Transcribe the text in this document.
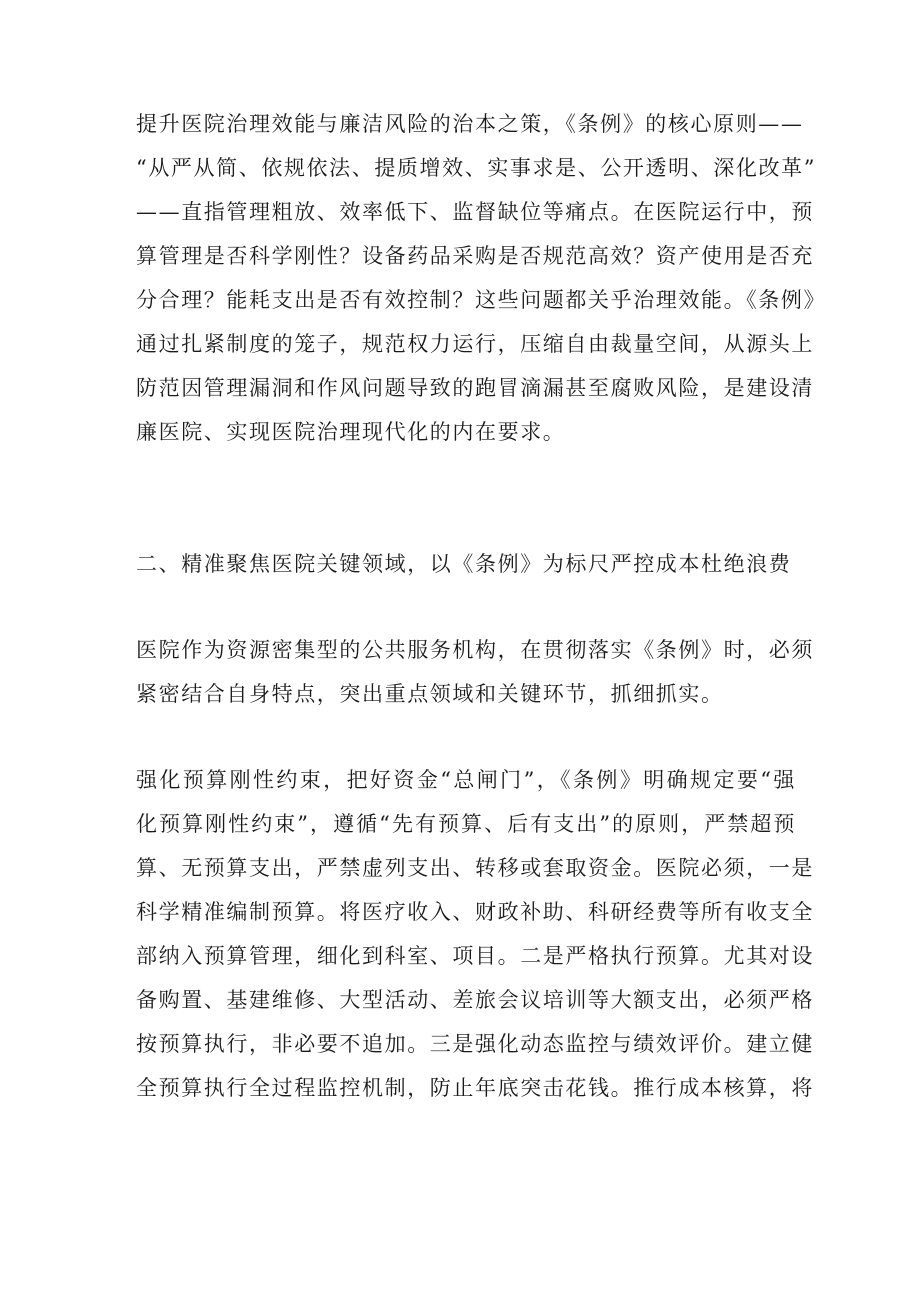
提升医院治理效能与廉洁风险的治本之策，《条例》的核心原则——
“从严从简、依规依法、提质增效、实事求是、公开透明、深化改革”
——直指管理粗放、效率低下、监督缺位等痛点。在医院运行中，预
算管理是否科学刚性？设备药品采购是否规范高效？资产使用是否充
分合理？能耗支出是否有效控制？这些问题都关乎治理效能。《条例》
通过扎紧制度的笼子，规范权力运行，压缩自由裁量空间，从源头上
防范因管理漏洞和作风问题导致的跑冒滴漏甚至腐败风险，是建设清
廉医院、实现医院治理现代化的内在要求。
二、精准聚焦医院关键领域，以《条例》为标尺严控成本杜绝浪费
医院作为资源密集型的公共服务机构，在贯彻落实《条例》时，必须
紧密结合自身特点，突出重点领域和关键环节，抓细抓实。
强化预算刚性约束，把好资金“总闸门”，《条例》明确规定要“强
化预算刚性约束”，遵循“先有预算、后有支出”的原则，严禁超预
算、无预算支出，严禁虚列支出、转移或套取资金。医院必须，一是
科学精准编制预算。将医疗收入、财政补助、科研经费等所有收支全
部纳入预算管理，细化到科室、项目。二是严格执行预算。尤其对设
备购置、基建维修、大型活动、差旅会议培训等大额支出，必须严格
按预算执行，非必要不追加。三是强化动态监控与绩效评价。建立健
全预算执行全过程监控机制，防止年底突击花钱。推行成本核算，将
